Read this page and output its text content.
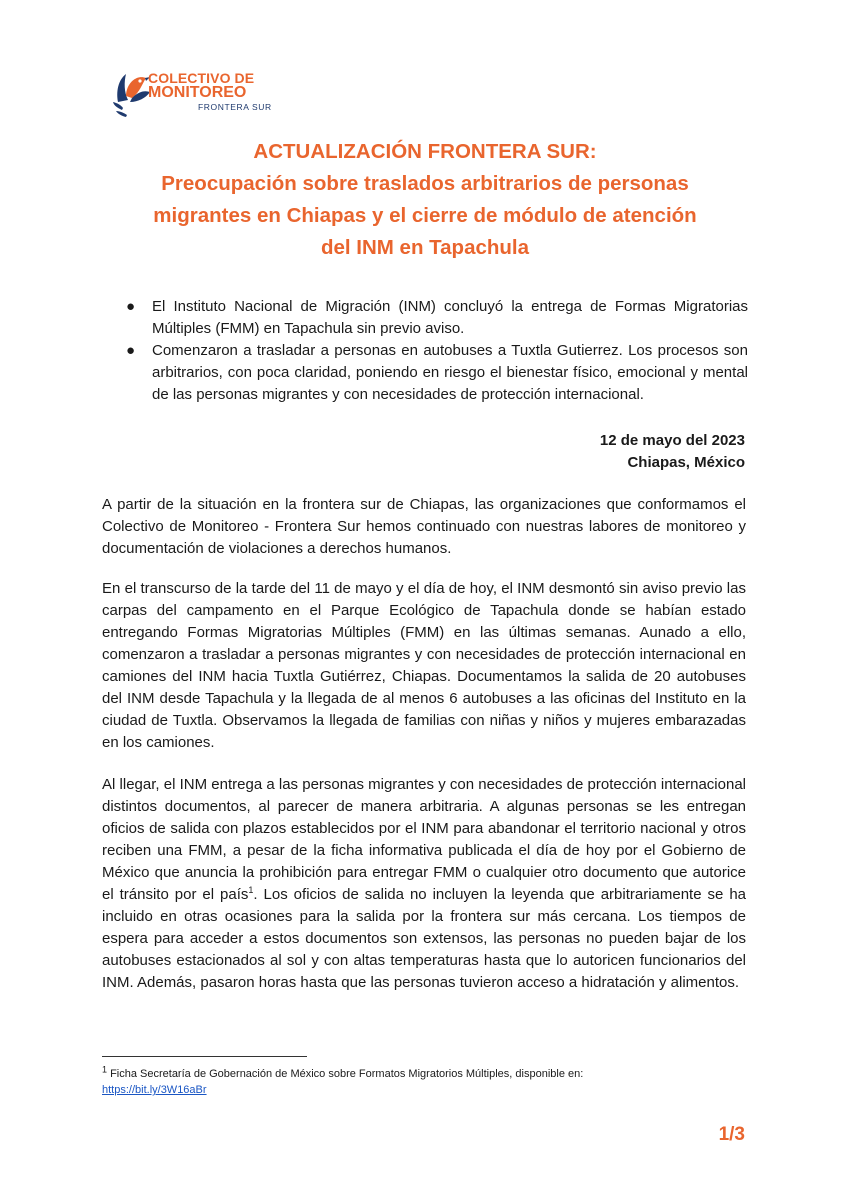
COLECTIVO DE
MONITOREO
FRONTERA SUR
ACTUALIZACIÓN FRONTERA SUR:
Preocupación sobre traslados arbitrarios de personas
migrantes en Chiapas y el cierre de módulo de atención
del INM en Tapachula
● El Instituto Nacional de Migración (INM) concluyó la entrega de Formas Migratorias Múltiples (FMM) en Tapachula sin previo aviso.
● Comenzaron a trasladar a personas en autobuses a Tuxtla Gutierrez. Los procesos son arbitrarios, con poca claridad, poniendo en riesgo el bienestar físico, emocional y mental de las personas migrantes y con necesidades de protección internacional.
12 de mayo del 2023
Chiapas, México
A partir de la situación en la frontera sur de Chiapas, las organizaciones que conformamos el Colectivo de Monitoreo - Frontera Sur hemos continuado con nuestras labores de monitoreo y documentación de violaciones a derechos humanos.
En el transcurso de la tarde del 11 de mayo y el día de hoy, el INM desmontó sin aviso previo las carpas del campamento en el Parque Ecológico de Tapachula donde se habían estado entregando Formas Migratorias Múltiples (FMM) en las últimas semanas. Aunado a ello, comenzaron a trasladar a personas migrantes y con necesidades de protección internacional en camiones del INM hacia Tuxtla Gutiérrez, Chiapas. Documentamos la salida de 20 autobuses del INM desde Tapachula y la llegada de al menos 6 autobuses a las oficinas del Instituto en la ciudad de Tuxtla. Observamos la llegada de familias con niñas y niños y mujeres embarazadas en los camiones.
Al llegar, el INM entrega a las personas migrantes y con necesidades de protección internacional distintos documentos, al parecer de manera arbitraria. A algunas personas se les entregan oficios de salida con plazos establecidos por el INM para abandonar el territorio nacional y otros reciben una FMM, a pesar de la ficha informativa publicada el día de hoy por el Gobierno de México que anuncia la prohibición para entregar FMM o cualquier otro documento que autorice el tránsito por el país$^1$. Los oficios de salida no incluyen la leyenda que arbitrariamente se ha incluido en otras ocasiones para la salida por la frontera sur más cercana. Los tiempos de espera para acceder a estos documentos son extensos, las personas no pueden bajar de los autobuses estacionados al sol y con altas temperaturas hasta que lo autoricen funcionarios del INM. Además, pasaron horas hasta que las personas tuvieron acceso a hidratación y alimentos.
$^1$ Ficha Secretaría de Gobernación de México sobre Formatos Migratorios Múltiples, disponible en:
https://bit.ly/3W16aBr
1/3
